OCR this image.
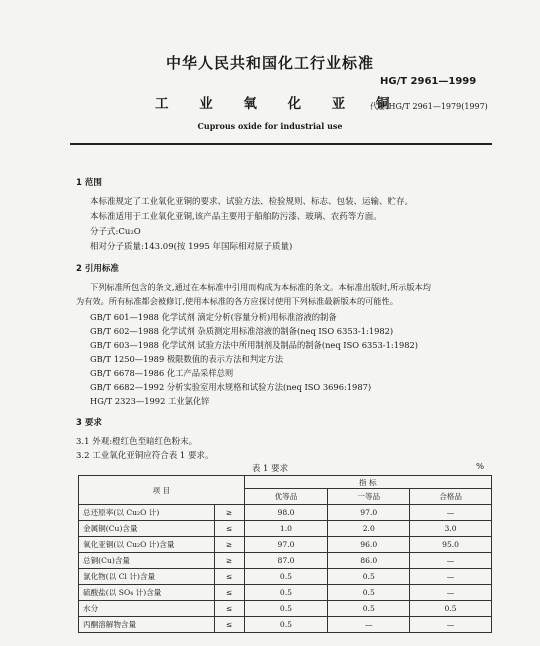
中华人民共和国化工行业标准
HG/T 2961—1999
工 业 氧 化 亚 铜
代替 HG/T 2961—1979(1997)
Cuprous oxide for industrial use
1 范围
本标准规定了工业氧化亚铜的要求、试验方法、检验规则、标志、包装、运输、贮存。
本标准适用于工业氧化亚铜,该产品主要用于船舶防污漆、玻璃、农药等方面。
分子式:Cu₂O
相对分子质量:143.09(按 1995 年国际相对原子质量)
2 引用标准
下列标准所包含的条文,通过在本标准中引用而构成为本标准的条文。本标准出版时,所示版本均
为有效。所有标准都会被修订,使用本标准的各方应探讨使用下列标准最新版本的可能性。
GB/T 601—1988 化学试剂 滴定分析(容量分析)用标准溶液的制备
GB/T 602—1988 化学试剂 杂质测定用标准溶液的制备(neq ISO 6353-1:1982)
GB/T 603—1988 化学试剂 试验方法中所用制剂及制品的制备(neq ISO 6353-1:1982)
GB/T 1250—1989 极限数值的表示方法和判定方法
GB/T 6678—1986 化工产品采样总则
GB/T 6682—1992 分析实验室用水规格和试验方法(neq ISO 3696:1987)
HG/T 2323—1992 工业氯化锌
3 要求
3.1 外观:橙红色至暗红色粉末。
3.2 工业氧化亚铜应符合表 1 要求。
表 1 要求	%
项 目		指 标		
		优等品	一等品	合格品
总还原率(以 Cu₂O 计)	≥	98.0	97.0	—
金属铜(Cu)含量	≤	1.0	2.0	3.0
氧化亚铜(以 Cu₂O 计)含量	≥	97.0	96.0	95.0
总铜(Cu)含量	≥	87.0	86.0	—
氯化物(以 Cl 计)含量	≤	0.5	0.5	—
硫酸盐(以 SO₄ 计)含量	≤	0.5	0.5	—
水分	≤	0.5	0.5	0.5
丙酮溶解物含量	≤	0.5	—	—
